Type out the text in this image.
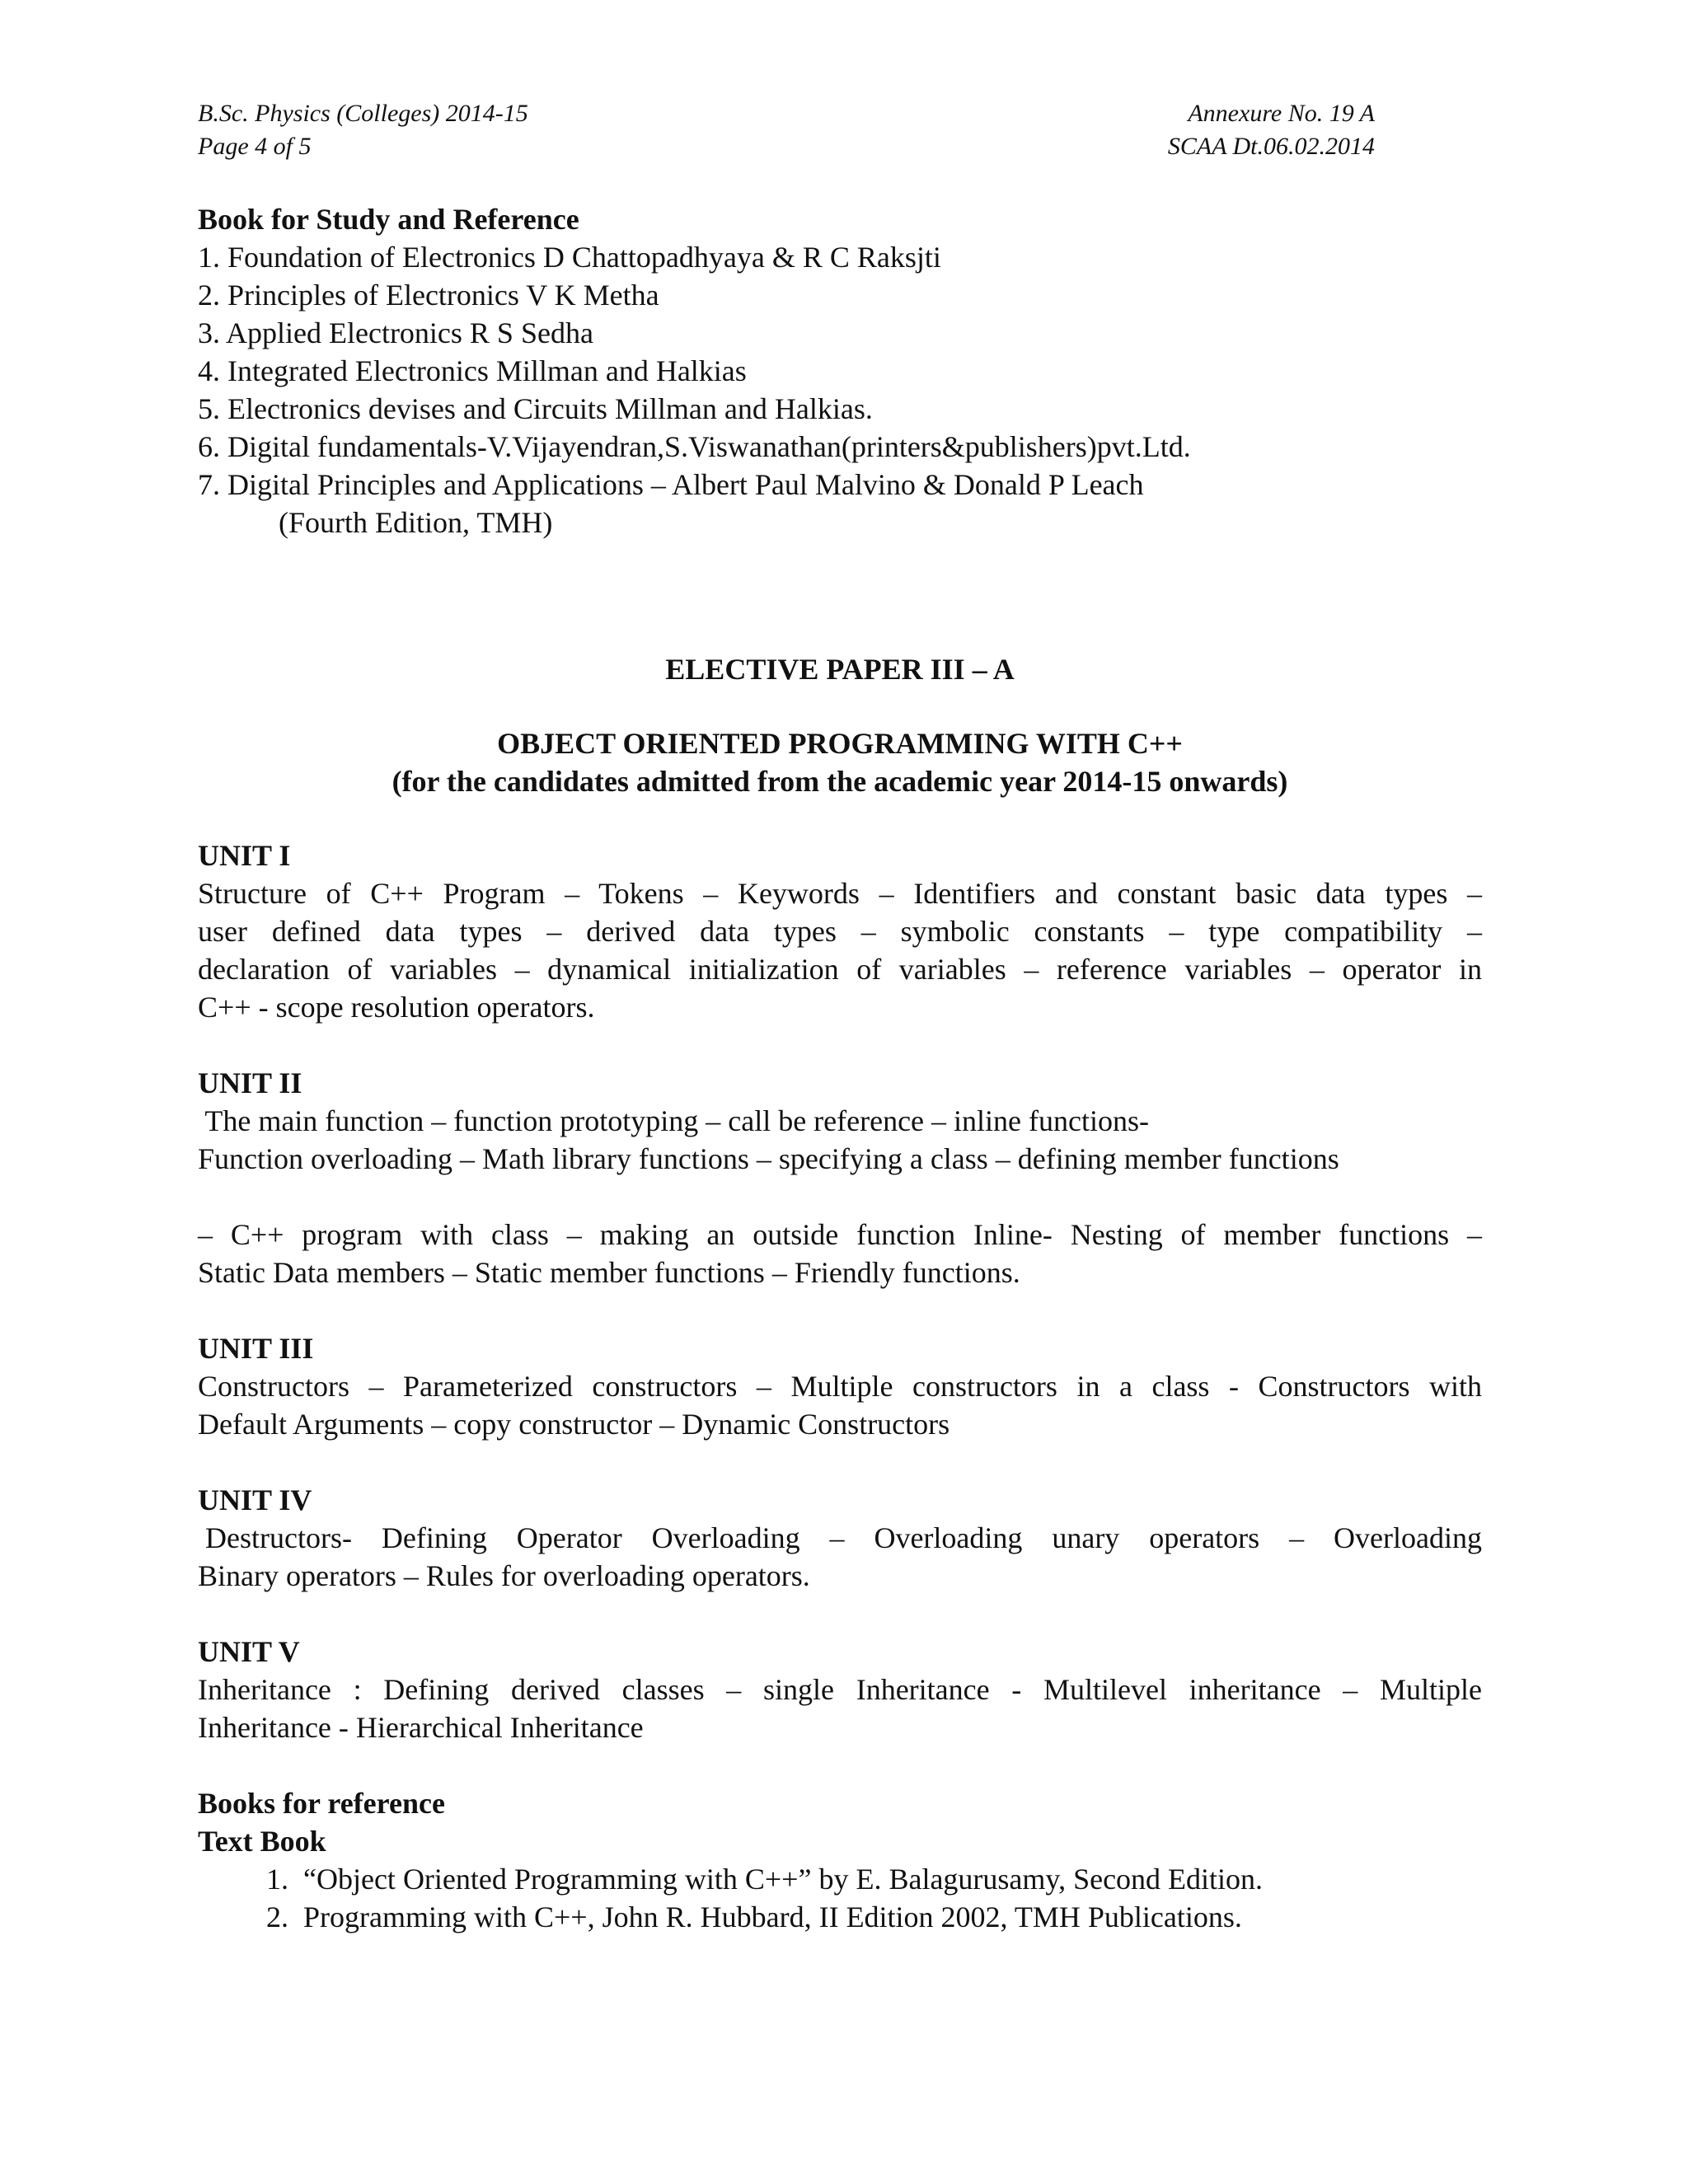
B.Sc. Physics (Colleges) 2014-15	Annexure No. 19 A
Page 4 of 5	SCAA Dt.06.02.2014
Book for Study and Reference
1. Foundation of Electronics D Chattopadhyaya & R C Raksjti
2. Principles of Electronics V K Metha
3. Applied Electronics R S Sedha
4. Integrated Electronics Millman and Halkias
5. Electronics devises and Circuits Millman and Halkias.
6. Digital fundamentals-V.Vijayendran,S.Viswanathan(printers&publishers)pvt.Ltd.
7. Digital Principles and Applications – Albert Paul Malvino & Donald P Leach
(Fourth Edition, TMH)
ELECTIVE PAPER III – A
OBJECT ORIENTED PROGRAMMING WITH C++
(for the candidates admitted from the academic year 2014-15 onwards)
UNIT I
Structure of C++ Program – Tokens – Keywords – Identifiers and constant basic data types –
user defined data types – derived data types – symbolic constants – type compatibility –
declaration of variables – dynamical initialization of variables – reference variables – operator in
C++ - scope resolution operators.
UNIT II
The main function – function prototyping – call be reference – inline functions-
Function overloading – Math library functions – specifying a class – defining member functions
– C++ program with class – making an outside function Inline- Nesting of member functions –
Static Data members – Static member functions – Friendly functions.
UNIT III
Constructors – Parameterized constructors – Multiple constructors in a class - Constructors with
Default Arguments – copy constructor – Dynamic Constructors
UNIT IV
Destructors- Defining Operator Overloading – Overloading unary operators – Overloading
Binary operators – Rules for overloading operators.
UNIT V
Inheritance : Defining derived classes – single Inheritance - Multilevel inheritance – Multiple
Inheritance - Hierarchical Inheritance
Books for reference
Text Book
1. “Object Oriented Programming with C++” by E. Balagurusamy, Second Edition.
2. Programming with C++, John R. Hubbard, II Edition 2002, TMH Publications.
